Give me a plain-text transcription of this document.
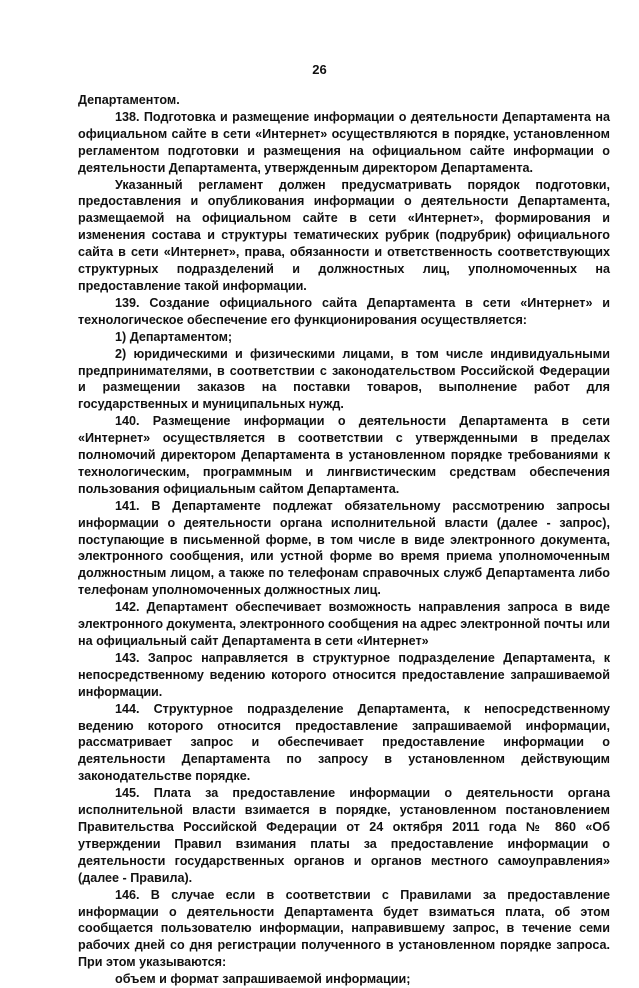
26

Департаментом.

138. Подготовка и размещение информации о деятельности Департамента на официальном сайте в сети «Интернет» осуществляются в порядке, установленном регламентом подготовки и размещения на официальном сайте информации о деятельности Департамента, утвержденным директором Департамента.

Указанный регламент должен предусматривать порядок подготовки, предоставления и опубликования информации о деятельности Департамента, размещаемой на официальном сайте в сети «Интернет», формирования и изменения состава и структуры тематических рубрик (подрубрик) официального сайта в сети «Интернет», права, обязанности и ответственность соответствующих структурных подразделений и должностных лиц, уполномоченных на предоставление такой информации.

139. Создание официального сайта Департамента в сети «Интернет» и технологическое обеспечение его функционирования осуществляется:

1) Департаментом;

2) юридическими и физическими лицами, в том числе индивидуальными предпринимателями, в соответствии с законодательством Российской Федерации и размещении заказов на поставки товаров, выполнение работ для государственных и муниципальных нужд.

140. Размещение информации о деятельности Департамента в сети «Интернет» осуществляется в соответствии с утвержденными в пределах полномочий директором Департамента в установленном порядке требованиями к технологическим, программным и лингвистическим средствам обеспечения пользования официальным сайтом Департамента.

141. В Департаменте подлежат обязательному рассмотрению запросы информации о деятельности органа исполнительной власти (далее - запрос), поступающие в письменной форме, в том числе в виде электронного документа, электронного сообщения, или устной форме во время приема уполномоченным должностным лицом, а также по телефонам справочных служб Департамента либо телефонам уполномоченных должностных лиц.

142. Департамент обеспечивает возможность направления запроса в виде электронного документа, электронного сообщения на адрес электронной почты или на официальный сайт Департамента в сети «Интернет»

143. Запрос направляется в структурное подразделение Департамента, к непосредственному ведению которого относится предоставление запрашиваемой информации.

144. Структурное подразделение Департамента, к непосредственному ведению которого относится предоставление запрашиваемой информации, рассматривает запрос и обеспечивает предоставление информации о деятельности Департамента по запросу в установленном действующим законодательстве порядке.

145. Плата за предоставление информации о деятельности органа исполнительной власти взимается в порядке, установленном постановлением Правительства Российской Федерации от 24 октября 2011 года № 860 «Об утверждении Правил взимания платы за предоставление информации о деятельности государственных органов и органов местного самоуправления» (далее - Правила).

146. В случае если в соответствии с Правилами за предоставление информации о деятельности Департамента будет взиматься плата, об этом сообщается пользователю информации, направившему запрос, в течение семи рабочих дней со дня регистрации полученного в установленном порядке запроса. При этом указываются:

объем и формат запрашиваемой информации;
